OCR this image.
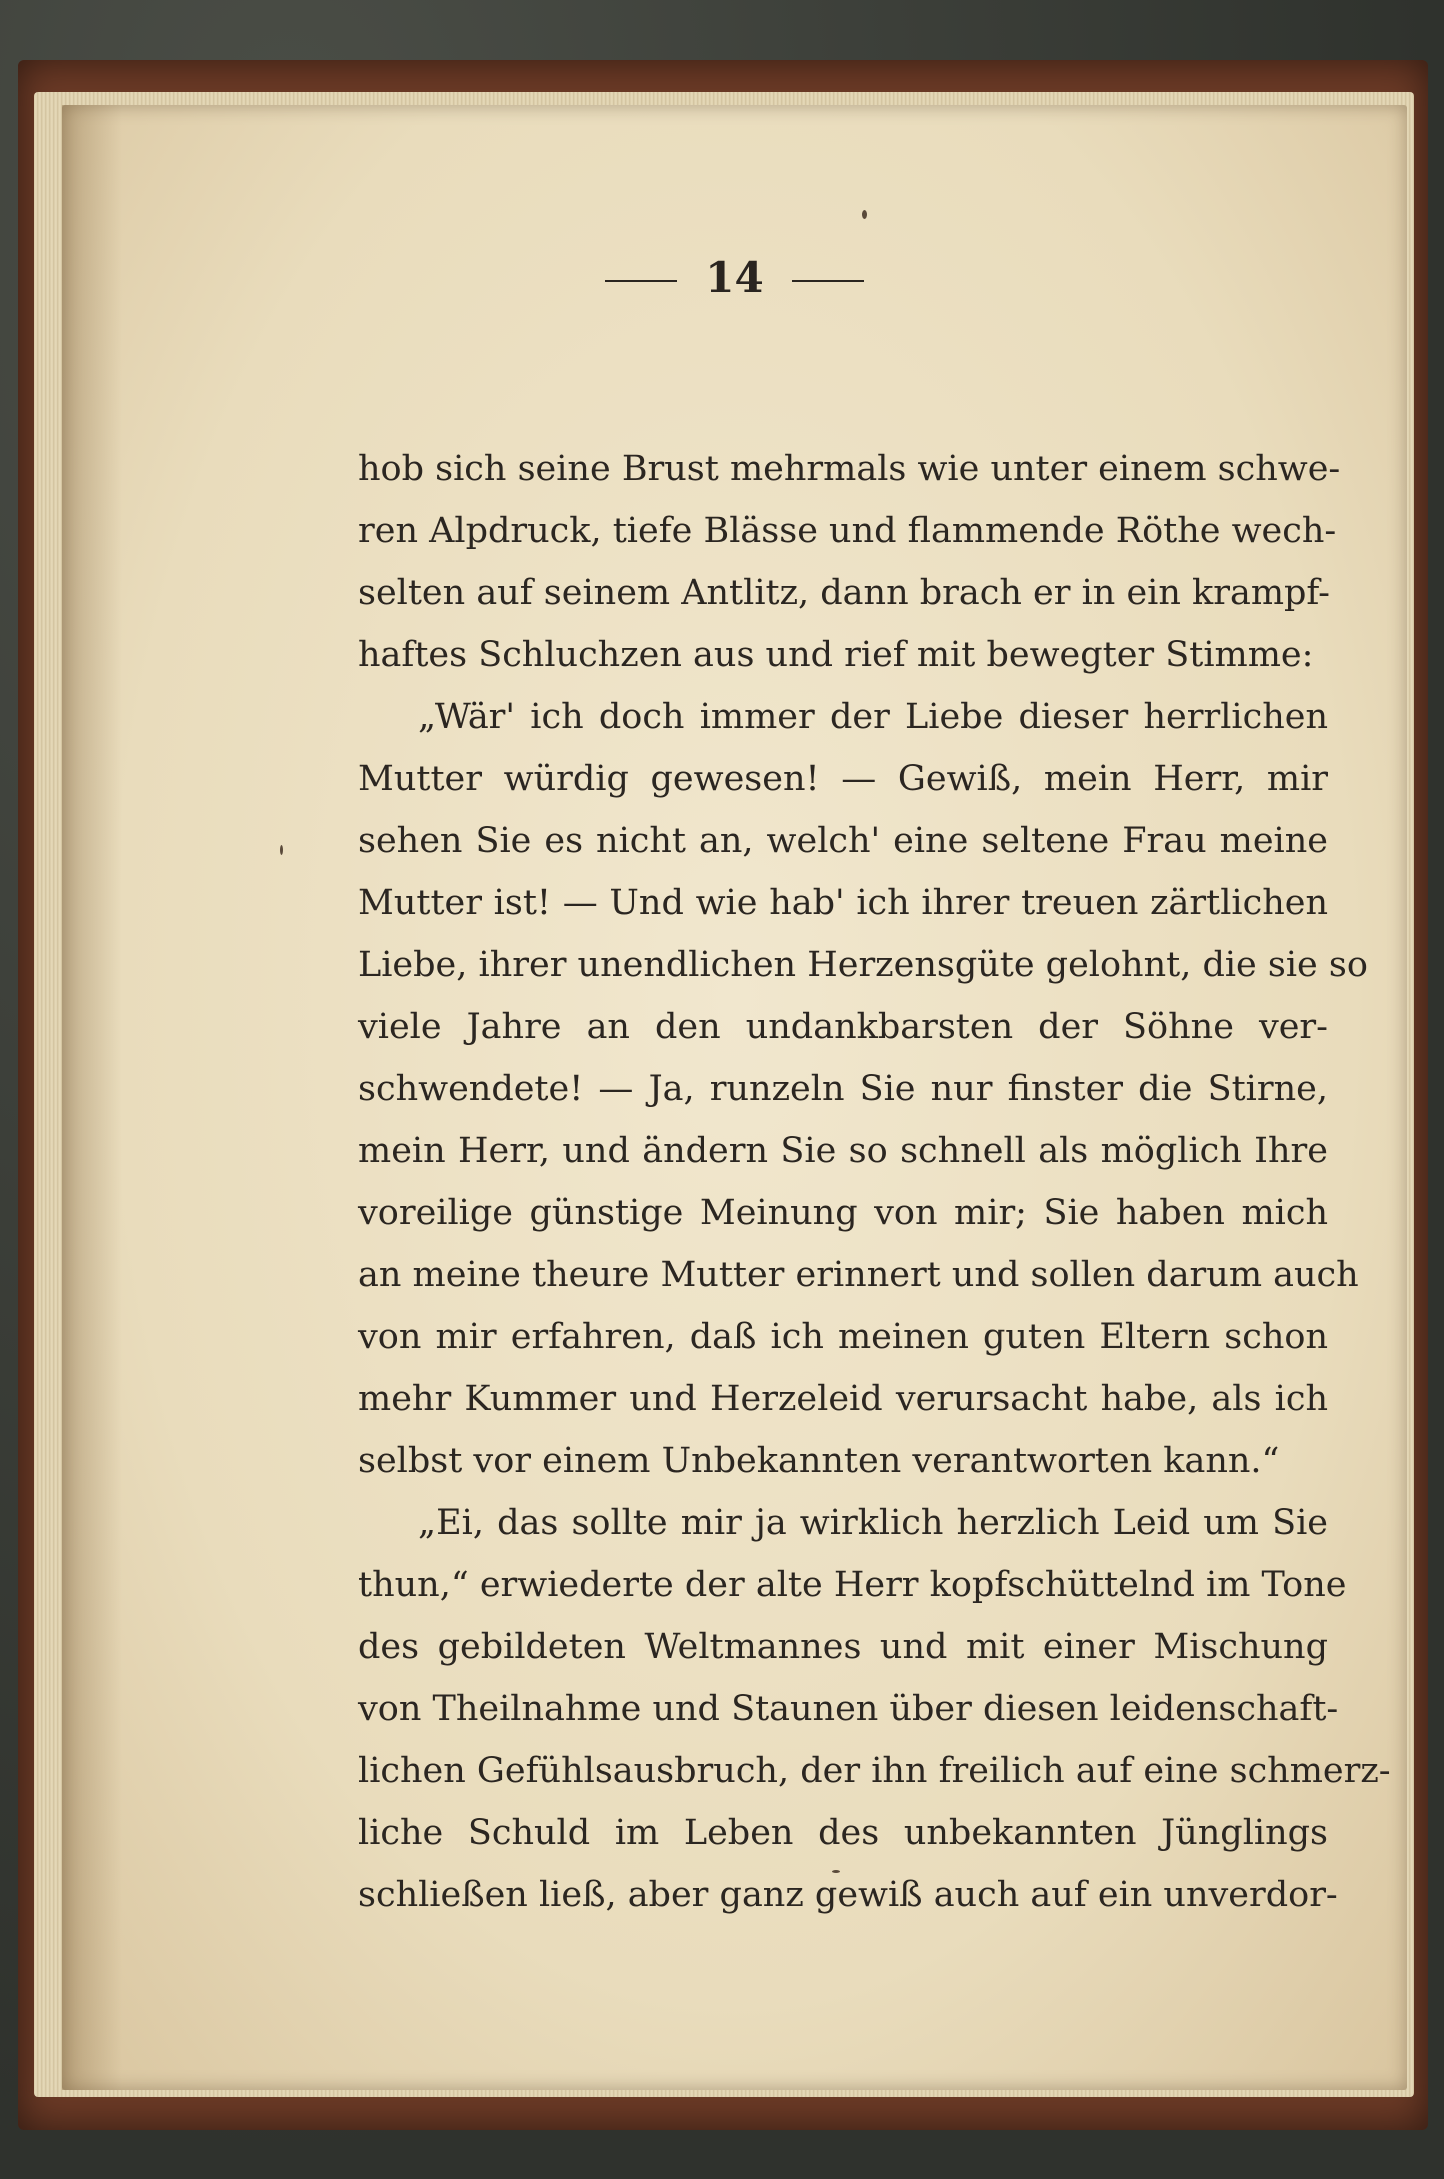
14
hob sich seine Brust mehrmals wie unter einem schwe-
ren Alpdruck, tiefe Blässe und flammende Röthe wech-
selten auf seinem Antlitz, dann brach er in ein krampf-
haftes Schluchzen aus und rief mit bewegter Stimme:
„Wär' ich doch immer der Liebe dieser herrlichen
Mutter würdig gewesen! — Gewiß, mein Herr, mir
sehen Sie es nicht an, welch' eine seltene Frau meine
Mutter ist! — Und wie hab' ich ihrer treuen zärtlichen
Liebe, ihrer unendlichen Herzensgüte gelohnt, die sie so
viele Jahre an den undankbarsten der Söhne ver-
schwendete! — Ja, runzeln Sie nur finster die Stirne,
mein Herr, und ändern Sie so schnell als möglich Ihre
voreilige günstige Meinung von mir; Sie haben mich
an meine theure Mutter erinnert und sollen darum auch
von mir erfahren, daß ich meinen guten Eltern schon
mehr Kummer und Herzeleid verursacht habe, als ich
selbst vor einem Unbekannten verantworten kann.“
„Ei, das sollte mir ja wirklich herzlich Leid um Sie
thun,“ erwiederte der alte Herr kopfschüttelnd im Tone
des gebildeten Weltmannes und mit einer Mischung
von Theilnahme und Staunen über diesen leidenschaft-
lichen Gefühlsausbruch, der ihn freilich auf eine schmerz-
liche Schuld im Leben des unbekannten Jünglings
schließen ließ, aber ganz gewiß auch auf ein unverdor-
